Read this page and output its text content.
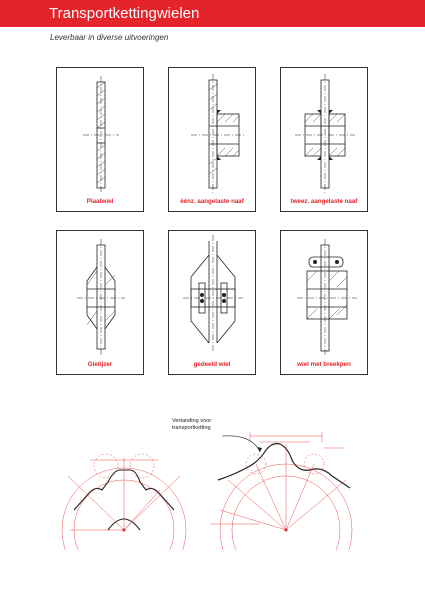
Transportkettingwielen
Leverbaar in diverse uitvoeringen
Plaatwiel	éénz. aangelaste naaf	tweez. aangelaste naaf
Gietijzer	gedeeld wiel	wiel met breekpen
Vertanding voor
transportketting
